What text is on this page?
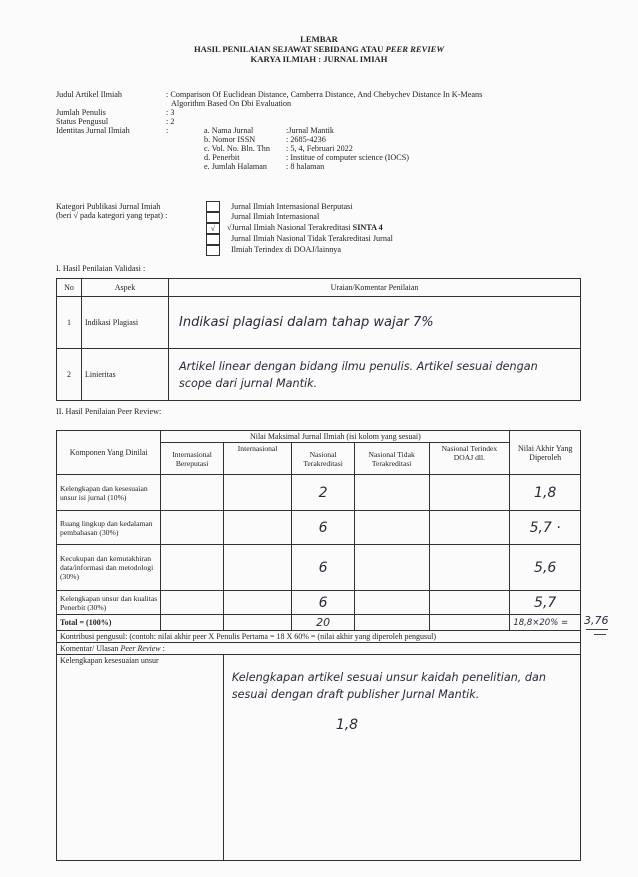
LEMBAR
HASIL PENILAIAN SEJAWAT SEBIDANG ATAU PEER REVIEW
KARYA ILMIAH : JURNAL IMIAH
Judul Artikel Ilmiah	: Comparison Of Euclidean Distance, Camberra Distance, And Chebychev Distance In K-Means
Algorithm Based On Dbi Evaluation
Jumlah Penulis	: 3
Status Pengusul	: 2
Identitas Jurnal Ilmiah	:	a. Nama Jurnal	:Jurnal Mantik
b. Nomor ISSN	: 2685-4236
c. Vol. No. Bln. Thn : 5, 4, Februari 2022
d. Penerbit	: Institue of computer science (IOCS)
e. Jumlah Halaman : 8 halaman
Kategori Publikasi Jurnal Imiah
(beri √ pada kategori yang tepat) :
Jurnal Ilmiah Internasional Berputasi
Jurnal Ilmiah Internasional
√	√Jurnal Ilmiah Nasional Terakreditasi SINTA 4
Jurnal Ilmiah Nasional Tidak Terakreditasi Jurnal
Ilmiah Terindex di DOAJ/lainnya
I. Hasil Penilaian Validasi :
No	Aspek	Uraian/Komentar Penilaian
1	Indikasi Plagiasi	Indikasi plagiasi dalam tahap wajar 7%
2	Linieritas	Artikel linear dengan bidang ilmu penulis. Artikel sesuai dengan
scope dari jurnal Mantik.
II. Hasil Penilaian Peer Review:
Komponen Yang Dinilai	Nilai Maksimal Jurnal Ilmiah (isi kolom yang sesuai)					Nilai Akhir Yang Diperoleh
	Internasional Bereputasi	Internasional	Nasional Terakreditasi	Nasional Tidak Terakreditasi	Nasional Terindex DOAJ dll.	
Kelengkapan dan kesesuaian unsur isi jurnal (10%)			2			1,8
Ruang lingkup dan kedalaman pembahasan (30%)			6			5,7 ·
Kecukupan dan kemutakhiran data/informasi dan metodologi (30%)			6			5,6
Kelengkapan unsur dan kualitas Penerbit (30%)			6			5,7
Total = (100%)			20			18,8×20% =
Kontribusi pengusul: (contoh: nilai akhir peer X Penulis Pertama = 18 X 60% = (nilai akhir yang diperoleh pengusul)						
Komentar/ Ulasan Peer Review :						
Kelengkapan kesesuaian unsur		Kelengkapan artikel sesuai unsur kaidah penelitian, dan
sesuai dengan draft publisher Jurnal Mantik.
1,8				
3,76
